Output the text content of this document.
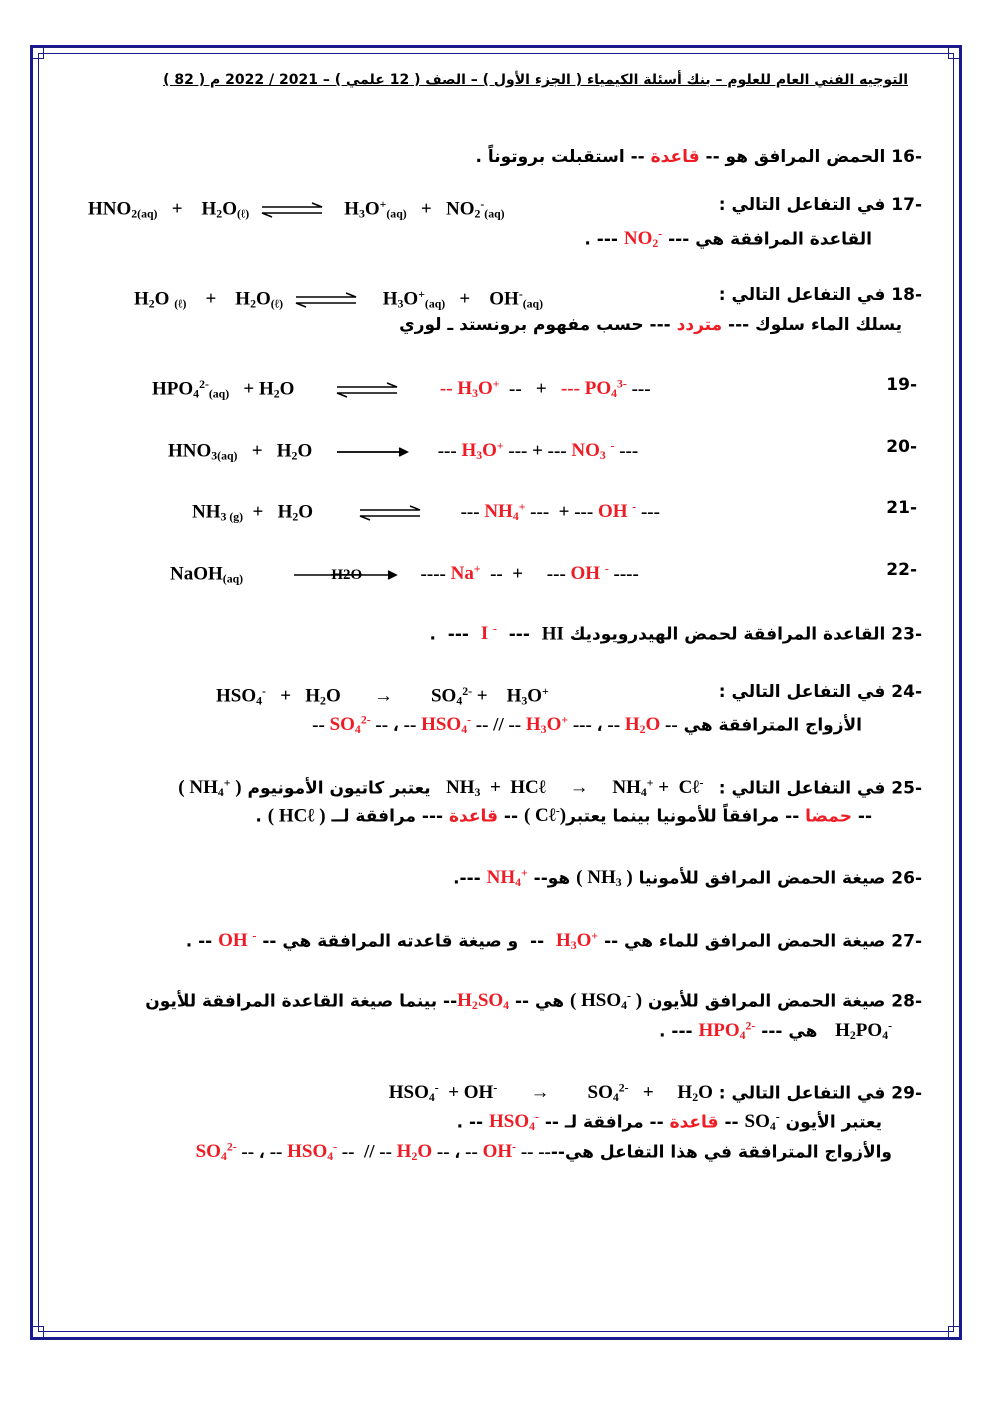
التوجيه الفني العام للعلوم – بنك أسئلة الكيمياء ( الجزء الأول ) – الصف ( 12 علمي ) – 2021 / 2022 م ( 82 )
-16 الحمض المرافق هو -- قاعدة -- استقبلت بروتوناً .
-17 في التفاعل التالي :
$HNO_{2(aq)}$   +    $H_2O_{(\ell)}$ ⇌ $H_3O^+_{(aq)} + NO_2^-_{(aq)}$
القاعدة المرافقة هي --- $NO_2^-$ --- .
-18 في التفاعل التالي :
$H_2O$ $_{(\ell)}$    +    $H_2O_{(\ell)}$ ⇌ $H_3O^+_{(aq)}$   +    $OH^-_{(aq)}$
يسلك الماء سلوك --- متردد --- حسب مفهوم برونستد ـ لوري
-19
$HPO_4^{2-}_{(aq)} + H_2O$	-- $H_3O^+$  --   +   --- $PO_4^{3-}$ ---
-20
$HNO_{3(aq)} + H_2O$ → --- $H_3O^+$ --- + --- $NO_3$ - ---
-21
$NH_{3 (g)} + H_2O$ ⇌ --- $NH_4^+$ ---  + --- OH - ---
-22
NaOH$_{(aq)}$	---- Na+  --  +     --- OH - ----
-23 القاعدة المرافقة لحمض الهيدرويوديك HI  ---  I -  ---  .
-24 في التفاعل التالي :
$HSO_4^- + H_2O$       →        $SO_4^{2-}$ +    $H_3O^+$
الأزواج المترافقة هي -- $SO_4^{2-}$ -- ، -- $HSO_4^-$ -- // -- $H_3O^+$ --- ، -- $H_2O$ --
-25 في التفاعل التالي :   $NH_3$  +  HCℓ     →     $NH_4^+$ +  Cℓ-   يعتبر كاتيون الأمونيوم ( $NH_4^+$ )
-- حمضا -- مرافقاً للأمونيا بينما يعتبر( Cℓ-) -- قاعدة --- مرافقة لــ ( HCℓ ) .
-26 صيغة الحمض المرافق للأمونيا ( $NH_3$ ) هو-- $NH_4^+$ ---.
-27 صيغة الحمض المرافق للماء هي -- $H_3O^+$  --  و صيغة قاعدته المرافقة هي -- OH - -- .
-28 صيغة الحمض المرافق للأيون ( $HSO_4^-$ ) هي -- $H_2SO_4--$ بينما صيغة القاعدة المرافقة للأيون
$H_2PO_4^-$   هي --- $HPO_4^{2-}$ --- .
-29 في التفاعل التالي :   $HSO_4^- + OH^-$       →        $SO_4^{2-}$   +     $H_2O$
يعتبر الأيون $SO_4^-$ -- قاعدة -- مرافقة لـ -- $HSO_4^-$ -- .
والأزواج المترافقة في هذا التفاعل $هي--SO_4^{2-}$ -- ، -- $HSO_4^-$ --  // -- $H_2O$ -- ، -- OH- -- --
